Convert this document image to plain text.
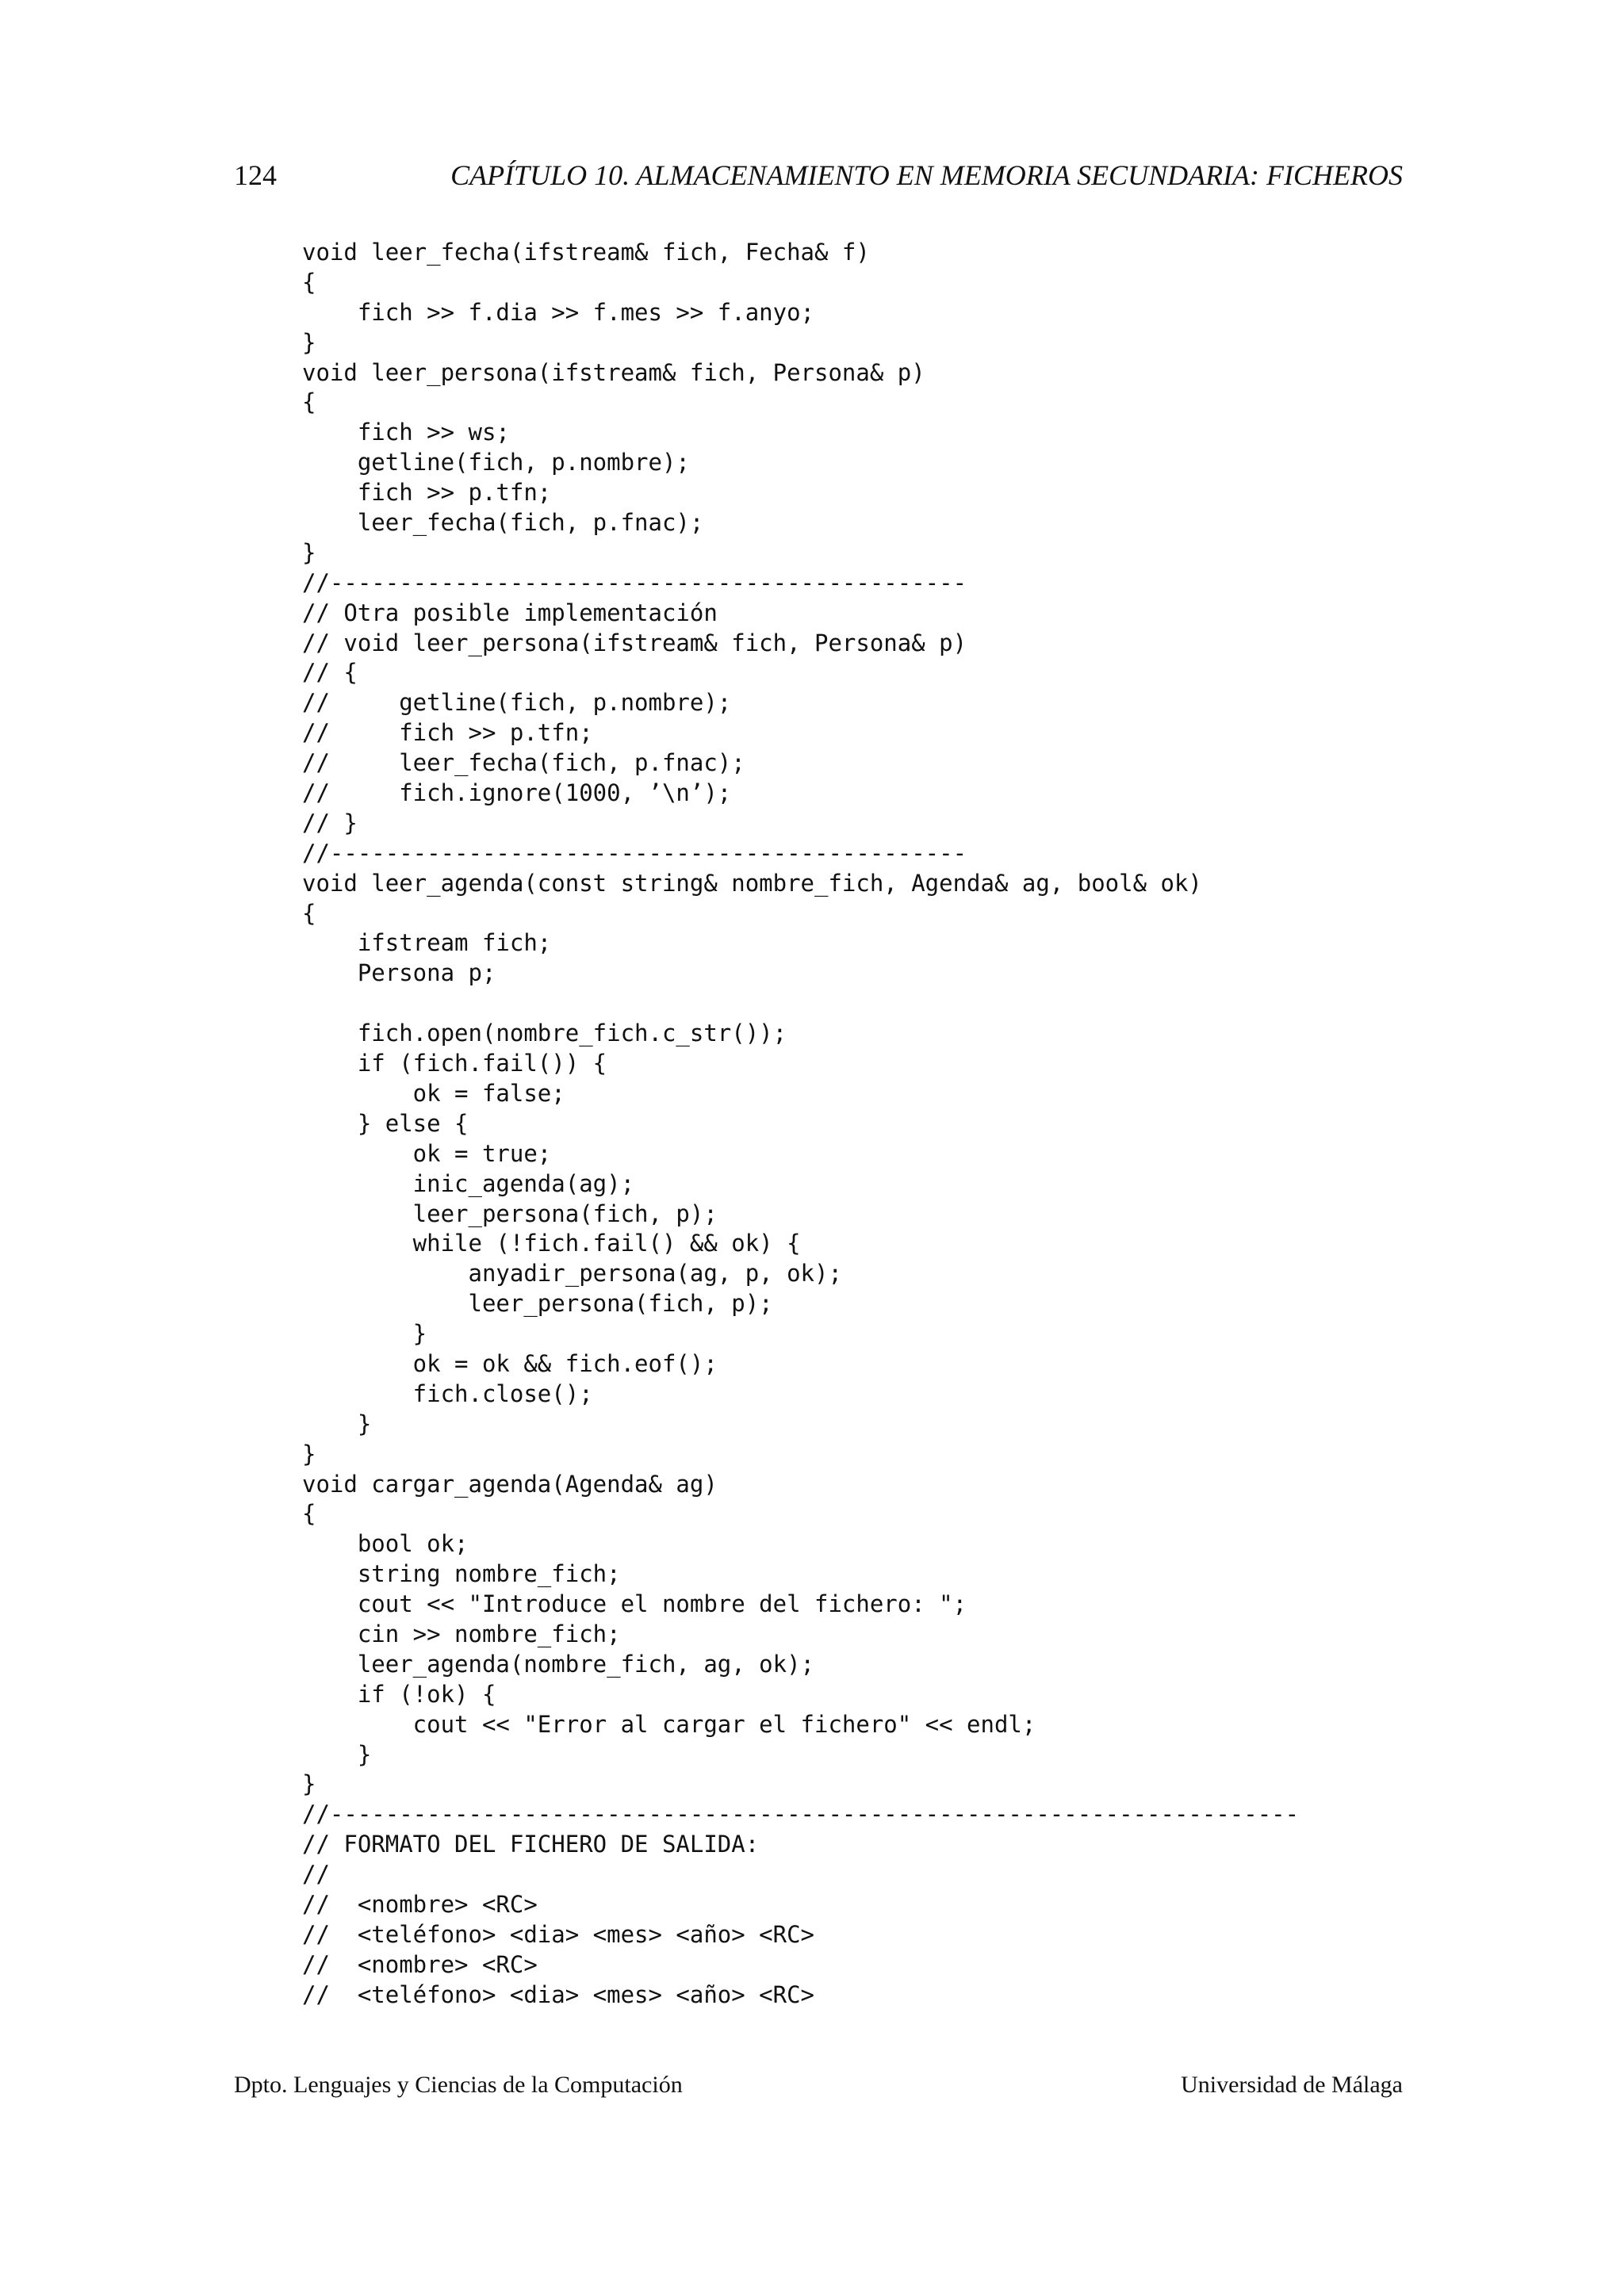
124	CAPÍTULO 10. ALMACENAMIENTO EN MEMORIA SECUNDARIA: FICHEROS
void leer_fecha(ifstream& fich, Fecha& f)
{
fich >> f.dia >> f.mes >> f.anyo;
}
void leer_persona(ifstream& fich, Persona& p)
{
fich >> ws;
getline(fich, p.nombre);
fich >> p.tfn;
leer_fecha(fich, p.fnac);
}
//----------------------------------------------
// Otra posible implementación
// void leer_persona(ifstream& fich, Persona& p)
// {
//     getline(fich, p.nombre);
//     fich >> p.tfn;
//     leer_fecha(fich, p.fnac);
//     fich.ignore(1000, ’\n’);
// }
//----------------------------------------------
void leer_agenda(const string& nombre_fich, Agenda& ag, bool& ok)
{
ifstream fich;
Persona p;
fich.open(nombre_fich.c_str());
if (fich.fail()) {
ok = false;
} else {
ok = true;
inic_agenda(ag);
leer_persona(fich, p);
while (!fich.fail() && ok) {
anyadir_persona(ag, p, ok);
leer_persona(fich, p);
}
ok = ok && fich.eof();
fich.close();
}
}
void cargar_agenda(Agenda& ag)
{
bool ok;
string nombre_fich;
cout << "Introduce el nombre del fichero: ";
cin >> nombre_fich;
leer_agenda(nombre_fich, ag, ok);
if (!ok) {
cout << "Error al cargar el fichero" << endl;
}
}
//----------------------------------------------------------------------
// FORMATO DEL FICHERO DE SALIDA:
//
//  <nombre> <RC>
//  <teléfono> <dia> <mes> <año> <RC>
//  <nombre> <RC>
//  <teléfono> <dia> <mes> <año> <RC>
Dpto. Lenguajes y Ciencias de la Computación	Universidad de Málaga
